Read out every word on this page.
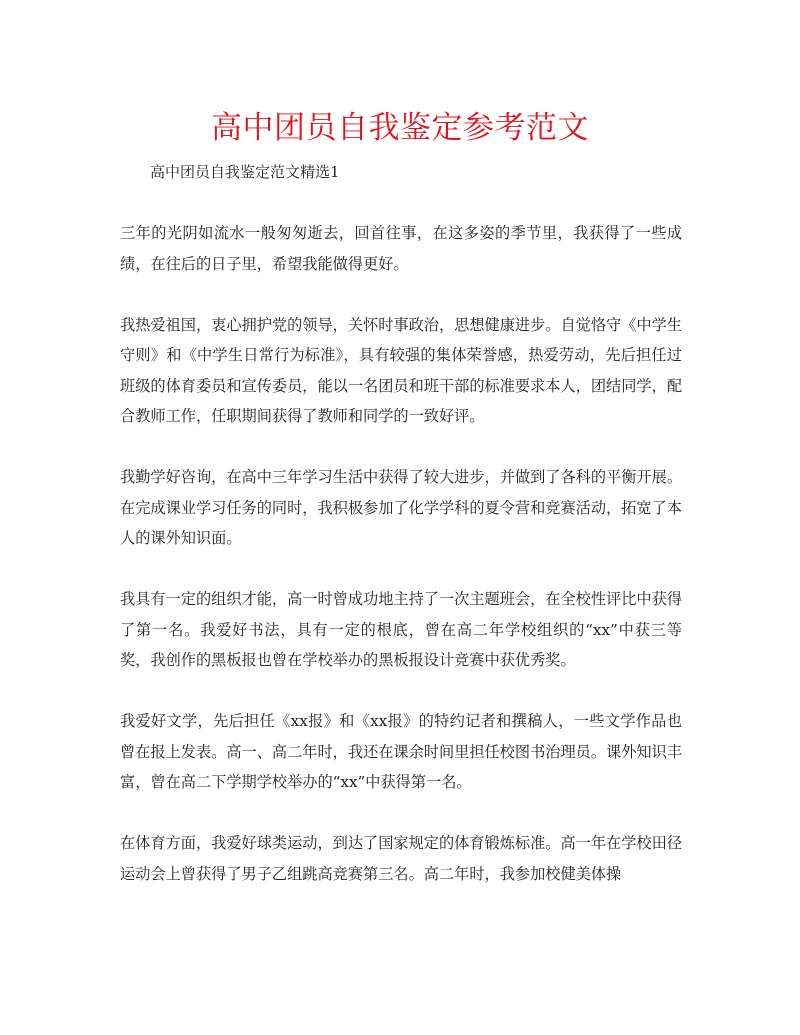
高中团员自我鉴定参考范文
高中团员自我鉴定范文精选1

三年的光阴如流水一般匆匆逝去，回首往事，在这多姿的季节里，我获得了一些成绩，在往后的日子里，希望我能做得更好。

我热爱祖国，衷心拥护党的领导，关怀时事政治，思想健康进步。自觉恪守《中学生守则》和《中学生日常行为标准》，具有较强的集体荣誉感，热爱劳动，先后担任过班级的体育委员和宣传委员，能以一名团员和班干部的标准要求本人，团结同学，配合教师工作，任职期间获得了教师和同学的一致好评。

我勤学好咨询，在高中三年学习生活中获得了较大进步，并做到了各科的平衡开展。在完成课业学习任务的同时，我积极参加了化学学科的夏令营和竞赛活动，拓宽了本人的课外知识面。

我具有一定的组织才能，高一时曾成功地主持了一次主题班会，在全校性评比中获得了第一名。我爱好书法，具有一定的根底，曾在高二年学校组织的“xx”中获三等奖，我创作的黑板报也曾在学校举办的黑板报设计竞赛中获优秀奖。

我爱好文学，先后担任《xx报》和《xx报》的特约记者和撰稿人，一些文学作品也曾在报上发表。高一、高二年时，我还在课余时间里担任校图书治理员。课外知识丰富，曾在高二下学期学校举办的“xx”中获得第一名。

在体育方面，我爱好球类运动，到达了国家规定的体育锻炼标准。高一年在学校田径运动会上曾获得了男子乙组跳高竞赛第三名。高二年时，我参加校健美体操
